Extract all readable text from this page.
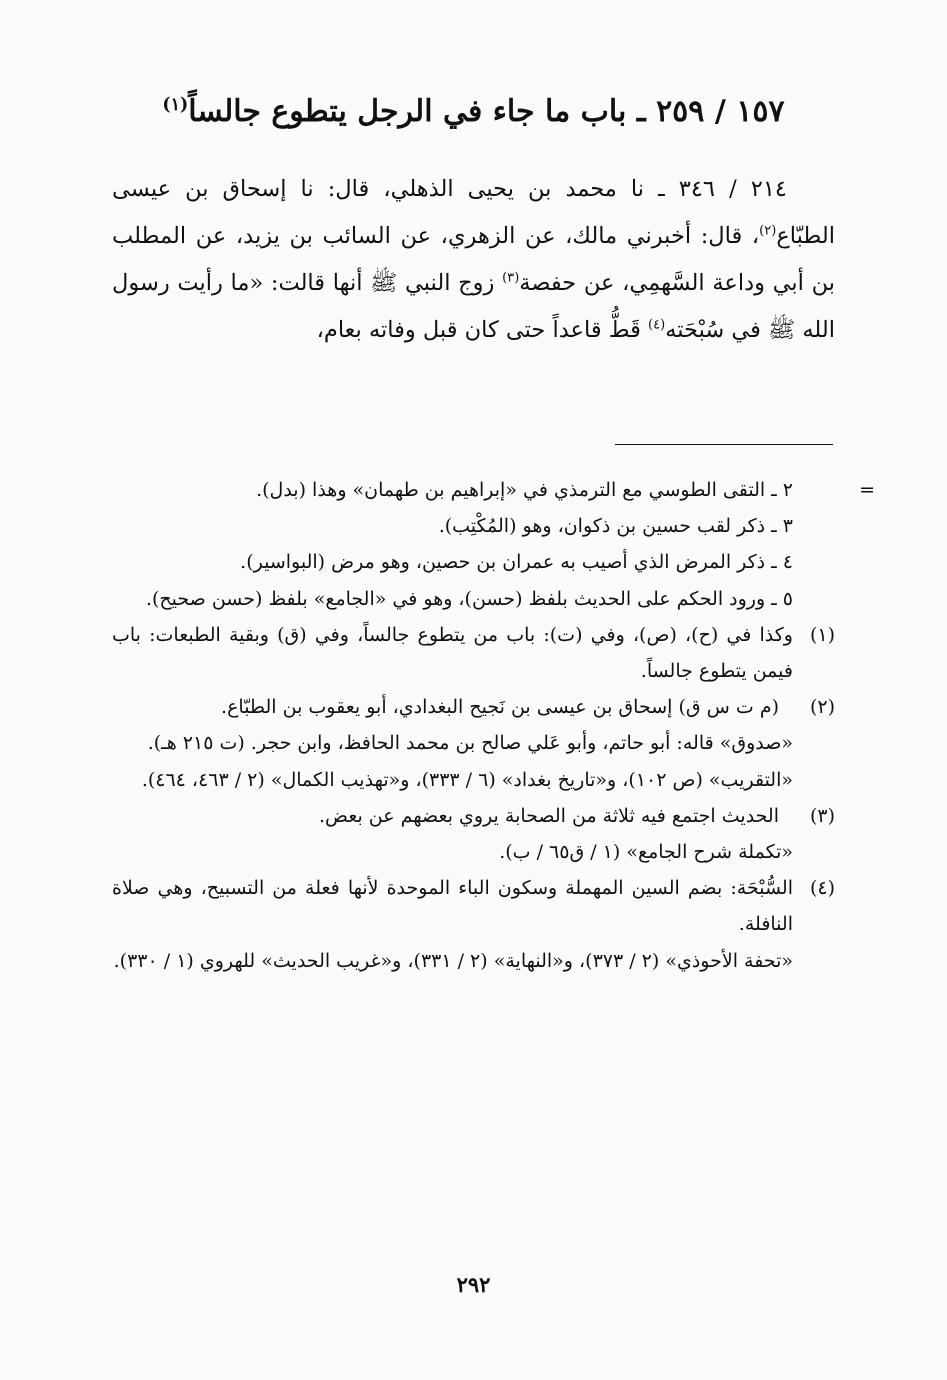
١٥٧ / ٢٥٩ ـ باب ما جاء في الرجل يتطوع جالساً$^{(١)}$

٢١٤ / ٣٤٦ ـ نا محمد بن يحيى الذهلي، قال: نا إسحاق بن عيسى الطبّاع$^{(٢)}$، قال: أخبرني مالك، عن الزهري، عن السائب بن يزيد، عن المطلب بن أبي وداعة السَّهمِي، عن حفصة$^{(٣)}$ زوج النبي ﷺ أنها قالت: «ما رأيت رسول الله ﷺ في سُبْحَته$^{(٤)}$ قَطُّ قاعداً حتى كان قبل وفاته بعام،

=

٢ ـ التقى الطوسي مع الترمذي في «إبراهيم بن طهمان» وهذا (بدل).

٣ ـ ذكر لقب حسين بن ذكوان، وهو (المُكْتِب).

٤ ـ ذكر المرض الذي أصيب به عمران بن حصين، وهو مرض (البواسير).

٥ ـ ورود الحكم على الحديث بلفظ (حسن)، وهو في «الجامع» بلفظ (حسن صحيح).

(١)

وكذا في (ح)، (ص)، وفي (ت): باب من يتطوع جالساً، وفي (ق) وبقية الطبعات: باب فيمن يتطوع جالساً.

(٢)

(م ت س ق) إسحاق بن عيسى بن نَجيح البغدادي، أبو يعقوب بن الطبّاع.

«صدوق» قاله: أبو حاتم، وأبو عَلي صالح بن محمد الحافظ، وابن حجر. (ت ٢١٥ هـ).

«التقريب» (ص ١٠٢)، و«تاريخ بغداد» (٦ / ٣٣٣)، و«تهذيب الكمال» (٢ / ٤٦٣، ٤٦٤).

(٣)

الحديث اجتمع فيه ثلاثة من الصحابة يروي بعضهم عن بعض.

«تكملة شرح الجامع» (١ / ق٦٥ / ب).

(٤)

السُّبْحَة: بضم السين المهملة وسكون الباء الموحدة لأنها فعلة من التسبيح، وهي صلاة النافلة.

«تحفة الأحوذي» (٢ / ٣٧٣)، و«النهاية» (٢ / ٣٣١)، و«غريب الحديث» للهروي (١ / ٣٣٠).

٢٩٢
